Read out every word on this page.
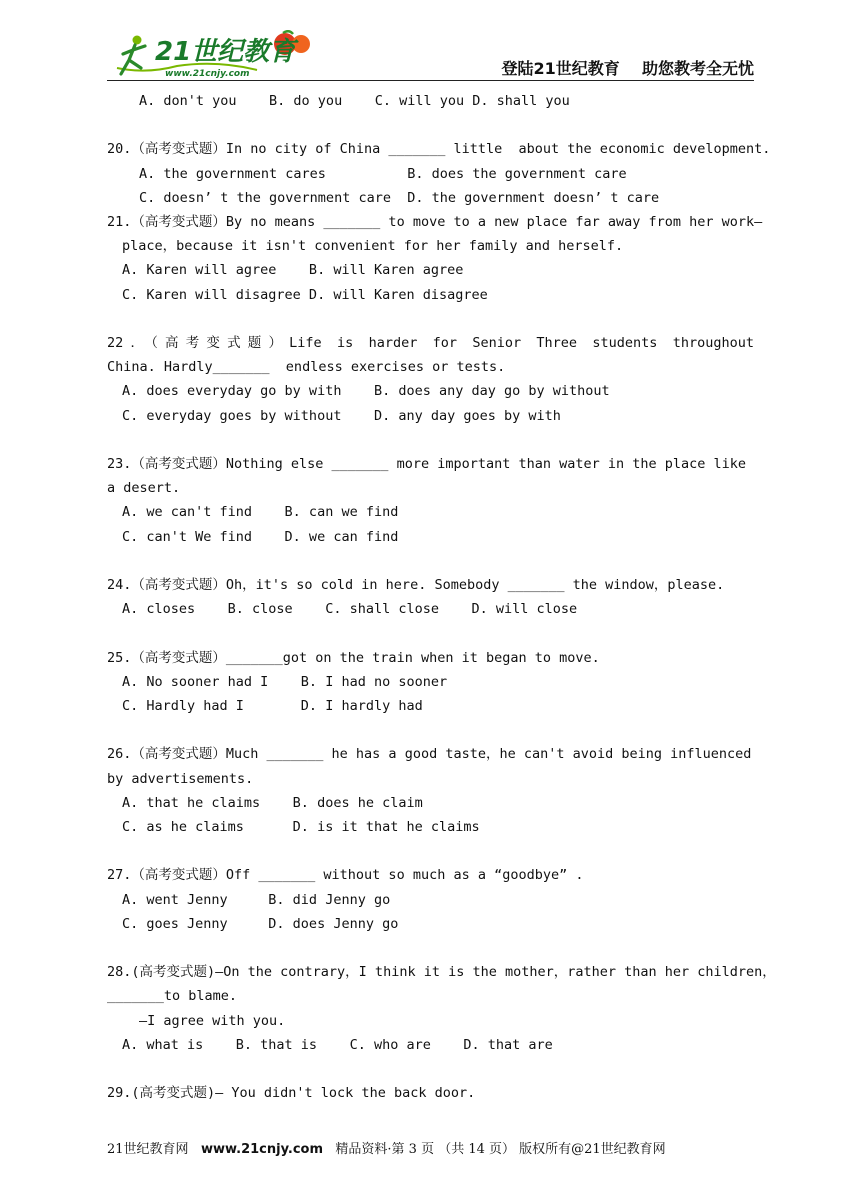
21世纪教育
www.21cnjy.com	登陆21世纪教育    助您教考全无忧
A. don't you    B. do you    C. will you D. shall you
20.（高考变式题）In no city of China _______ little  about the economic development.
A. the government cares          B. does the government care
C. doesn’ t the government care  D. the government doesn’ t care
21.（高考变式题）By no means _______ to move to a new place far away from her work—
place，because it isn't convenient for her family and herself.
A. Karen will agree    B. will Karen agree
C. Karen will disagree D. will Karen disagree
22．（高考变式题）Life is harder for Senior Three students throughout
China. Hardly_______  endless exercises or tests.
A. does everyday go by with    B. does any day go by without
C. everyday goes by without    D. any day goes by with
23.（高考变式题）Nothing else _______ more important than water in the place like
a desert.
A. we can't find    B. can we find
C. can't We find    D. we can find
24.（高考变式题）Oh，it's so cold in here. Somebody _______ the window，please.
A. closes    B. close    C. shall close    D. will close
25.（高考变式题）_______got on the train when it began to move.
A. No sooner had I    B. I had no sooner
C. Hardly had I       D. I hardly had
26.（高考变式题）Much _______ he has a good taste，he can't avoid being influenced
by advertisements.
A. that he claims    B. does he claim
C. as he claims      D. is it that he claims
27.（高考变式题）Off _______ without so much as a “goodbye” .
A. went Jenny     B. did Jenny go
C. goes Jenny     D. does Jenny go
28.(高考变式题)—On the contrary，I think it is the mother，rather than her children，
_______to blame.
—I agree with you.
A. what is    B. that is    C. who are    D. that are
29.(高考变式题)— You didn't lock the back door.
21世纪教育网   www.21cnjy.com   精品资料·第 3 页 （共 14 页） 版权所有@21世纪教育网
